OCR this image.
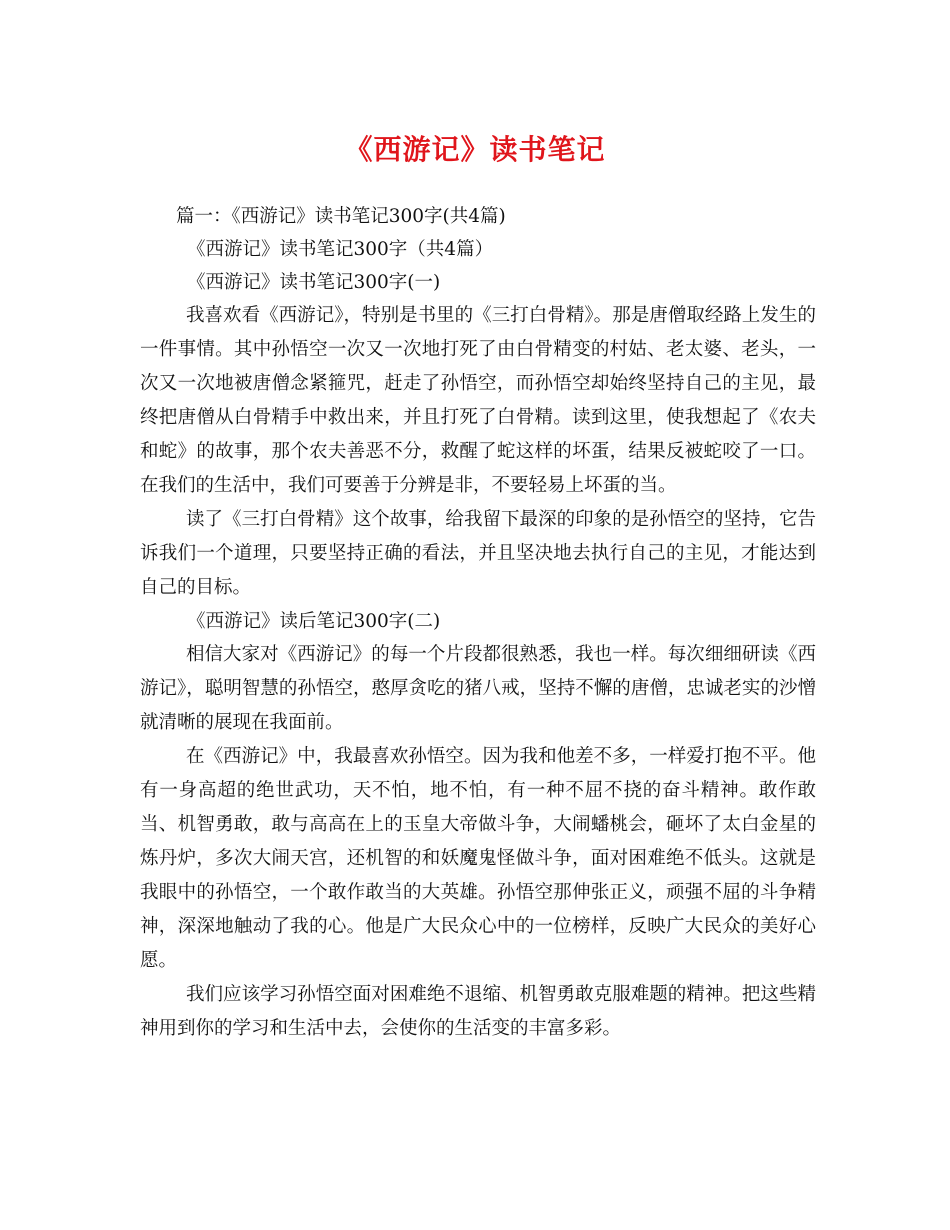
《西游记》读书笔记

篇一：《西游记》读书笔记300字(共4篇)

《西游记》读书笔记300字（共4篇）

《西游记》读书笔记300字(一)

我喜欢看《西游记》，特别是书里的《三打白骨精》。那是唐僧取经路上发生的一件事情。其中孙悟空一次又一次地打死了由白骨精变的村姑、老太婆、老头，一次又一次地被唐僧念紧箍咒，赶走了孙悟空，而孙悟空却始终坚持自己的主见，最终把唐僧从白骨精手中救出来，并且打死了白骨精。读到这里，使我想起了《农夫和蛇》的故事，那个农夫善恶不分，救醒了蛇这样的坏蛋，结果反被蛇咬了一口。在我们的生活中，我们可要善于分辨是非，不要轻易上坏蛋的当。

读了《三打白骨精》这个故事，给我留下最深的印象的是孙悟空的坚持，它告诉我们一个道理，只要坚持正确的看法，并且坚决地去执行自己的主见，才能达到自己的目标。

《西游记》读后笔记300字(二)

相信大家对《西游记》的每一个片段都很熟悉，我也一样。每次细细研读《西游记》，聪明智慧的孙悟空，憨厚贪吃的猪八戒，坚持不懈的唐僧，忠诚老实的沙憎就清晰的展现在我面前。

在《西游记》中，我最喜欢孙悟空。因为我和他差不多，一样爱打抱不平。他有一身高超的绝世武功，天不怕，地不怕，有一种不屈不挠的奋斗精神。敢作敢当、机智勇敢，敢与高高在上的玉皇大帝做斗争，大闹蟠桃会，砸坏了太白金星的炼丹炉，多次大闹天宫，还机智的和妖魔鬼怪做斗争，面对困难绝不低头。这就是我眼中的孙悟空，一个敢作敢当的大英雄。孙悟空那伸张正义，顽强不屈的斗争精神，深深地触动了我的心。他是广大民众心中的一位榜样，反映广大民众的美好心愿。

我们应该学习孙悟空面对困难绝不退缩、机智勇敢克服难题的精神。把这些精神用到你的学习和生活中去，会使你的生活变的丰富多彩。
